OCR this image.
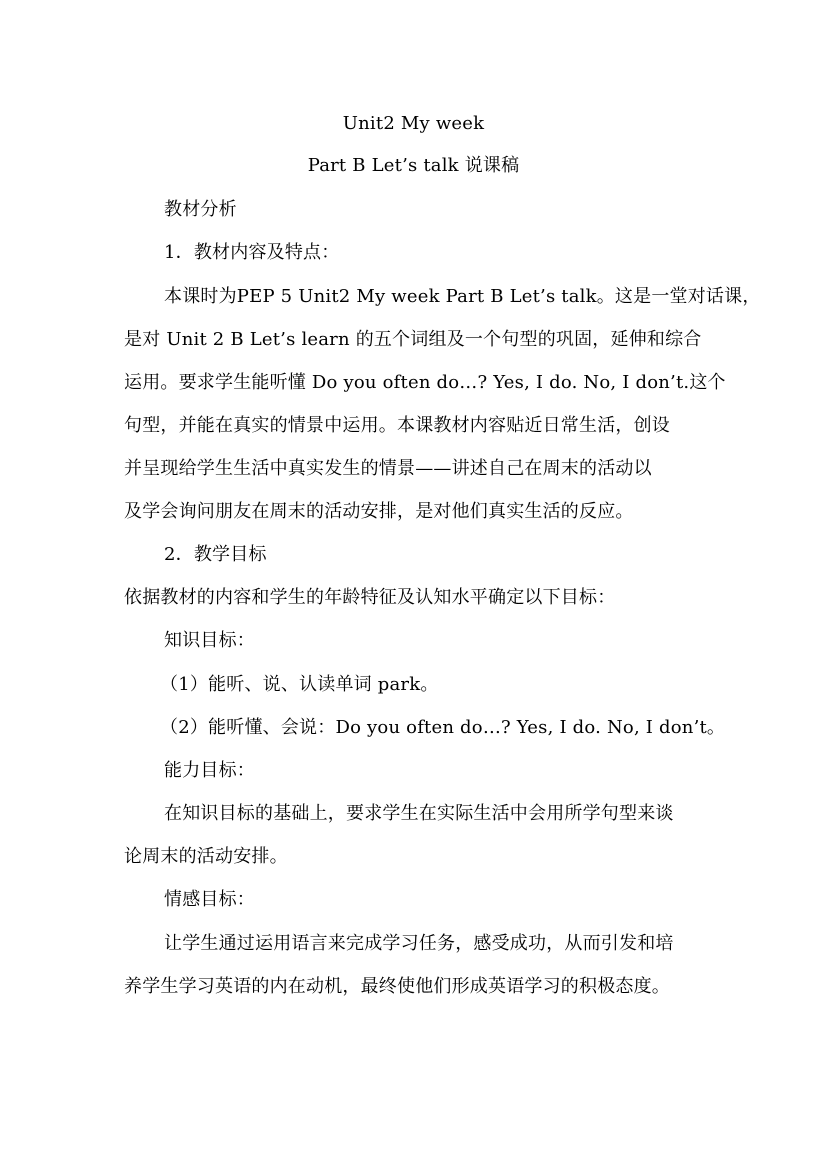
Unit2 My week
Part B Let’s talk 说课稿
教材分析
1．教材内容及特点：
本课时为PEP 5 Unit2 My week Part B Let’s talk。这是一堂对话课，
是对 Unit 2 B Let’s learn 的五个词组及一个句型的巩固，延伸和综合
运用。要求学生能听懂 Do you often do…? Yes, I do. No, I don’t.这个
句型，并能在真实的情景中运用。本课教材内容贴近日常生活，创设
并呈现给学生生活中真实发生的情景——讲述自己在周末的活动以
及学会询问朋友在周末的活动安排，是对他们真实生活的反应。
2．教学目标
依据教材的内容和学生的年龄特征及认知水平确定以下目标：
知识目标：
（1）能听、说、认读单词 park。
（2）能听懂、会说：Do you often do…? Yes, I do. No, I don’t。
能力目标：
在知识目标的基础上，要求学生在实际生活中会用所学句型来谈
论周末的活动安排。
情感目标：
让学生通过运用语言来完成学习任务，感受成功，从而引发和培
养学生学习英语的内在动机，最终使他们形成英语学习的积极态度。
